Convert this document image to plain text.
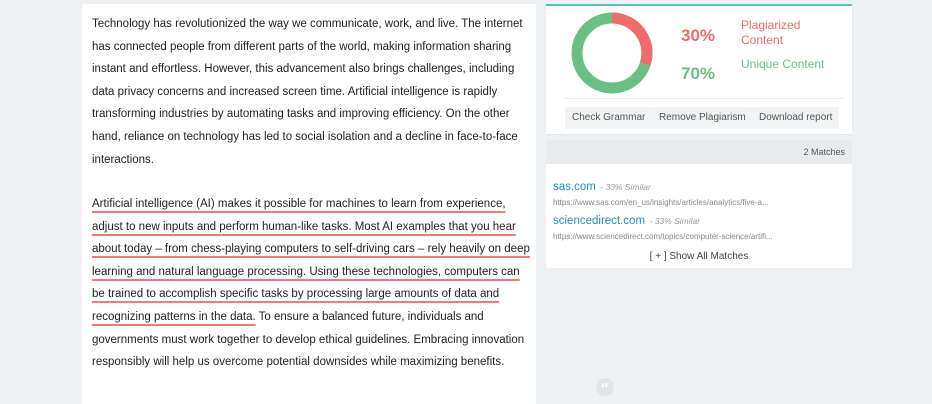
Technology has revolutionized the way we communicate, work, and live. The internet has connected people from different parts of the world, making information sharing instant and effortless. However, this advancement also brings challenges, including data privacy concerns and increased screen time. Artificial intelligence is rapidly transforming industries by automating tasks and improving efficiency. On the other hand, reliance on technology has led to social isolation and a decline in face-to-face interactions.

Artificial intelligence (AI) makes it possible for machines to learn from experience, adjust to new inputs and perform human-like tasks. Most AI examples that you hear about today – from chess-playing computers to self-driving cars – rely heavily on deep learning and natural language processing. Using these technologies, computers can be trained to accomplish specific tasks by processing large amounts of data and recognizing patterns in the data. To ensure a balanced future, individuals and governments must work together to develop ethical guidelines. Embracing innovation responsibly will help us overcome potential downsides while maximizing benefits.

“
30%
Plagiarized Content
70% Unique Content
Check Grammar	Remove Plagiarism	Download report
2 Matches
sas.com - 33% Similar
https://www.sas.com/en_us/insights/articles/analytics/five-a...
sciencedirect.com - 33% Similar
https://www.sciencedirect.com/topics/computer-science/artifi...
[ + ] Show All Matches
